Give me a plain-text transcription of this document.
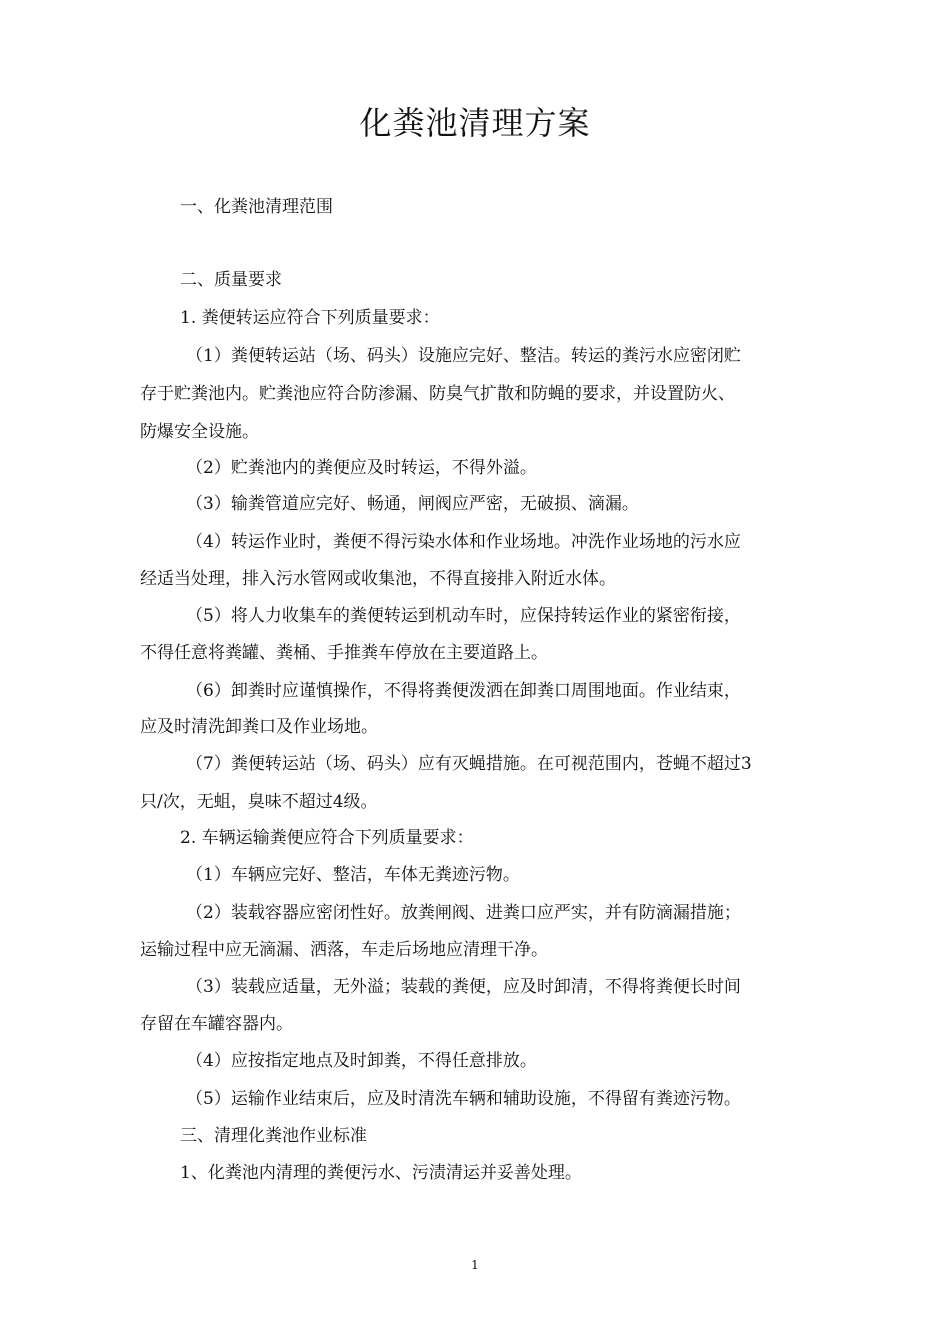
化粪池清理方案
一、化粪池清理范围
二、质量要求
1. 粪便转运应符合下列质量要求：
（1）粪便转运站（场、码头）设施应完好、整洁。转运的粪污水应密闭贮
存于贮粪池内。贮粪池应符合防渗漏、防臭气扩散和防蝇的要求，并设置防火、
防爆安全设施。
（2）贮粪池内的粪便应及时转运，不得外溢。
（3）输粪管道应完好、畅通，闸阀应严密，无破损、滴漏。
（4）转运作业时，粪便不得污染水体和作业场地。冲洗作业场地的污水应
经适当处理，排入污水管网或收集池，不得直接排入附近水体。
（5）将人力收集车的粪便转运到机动车时，应保持转运作业的紧密衔接，
不得任意将粪罐、粪桶、手推粪车停放在主要道路上。
（6）卸粪时应谨慎操作，不得将粪便泼洒在卸粪口周围地面。作业结束，
应及时清洗卸粪口及作业场地。
（7）粪便转运站（场、码头）应有灭蝇措施。在可视范围内，苍蝇不超过3
只/次，无蛆，臭味不超过4级。
2. 车辆运输粪便应符合下列质量要求：
（1）车辆应完好、整洁，车体无粪迹污物。
（2）装载容器应密闭性好。放粪闸阀、进粪口应严实，并有防滴漏措施；
运输过程中应无滴漏、洒落，车走后场地应清理干净。
（3）装载应适量，无外溢；装载的粪便，应及时卸清，不得将粪便长时间
存留在车罐容器内。
（4）应按指定地点及时卸粪，不得任意排放。
（5）运输作业结束后，应及时清洗车辆和辅助设施，不得留有粪迹污物。
三、清理化粪池作业标准
1、化粪池内清理的粪便污水、污渍清运并妥善处理。
1
